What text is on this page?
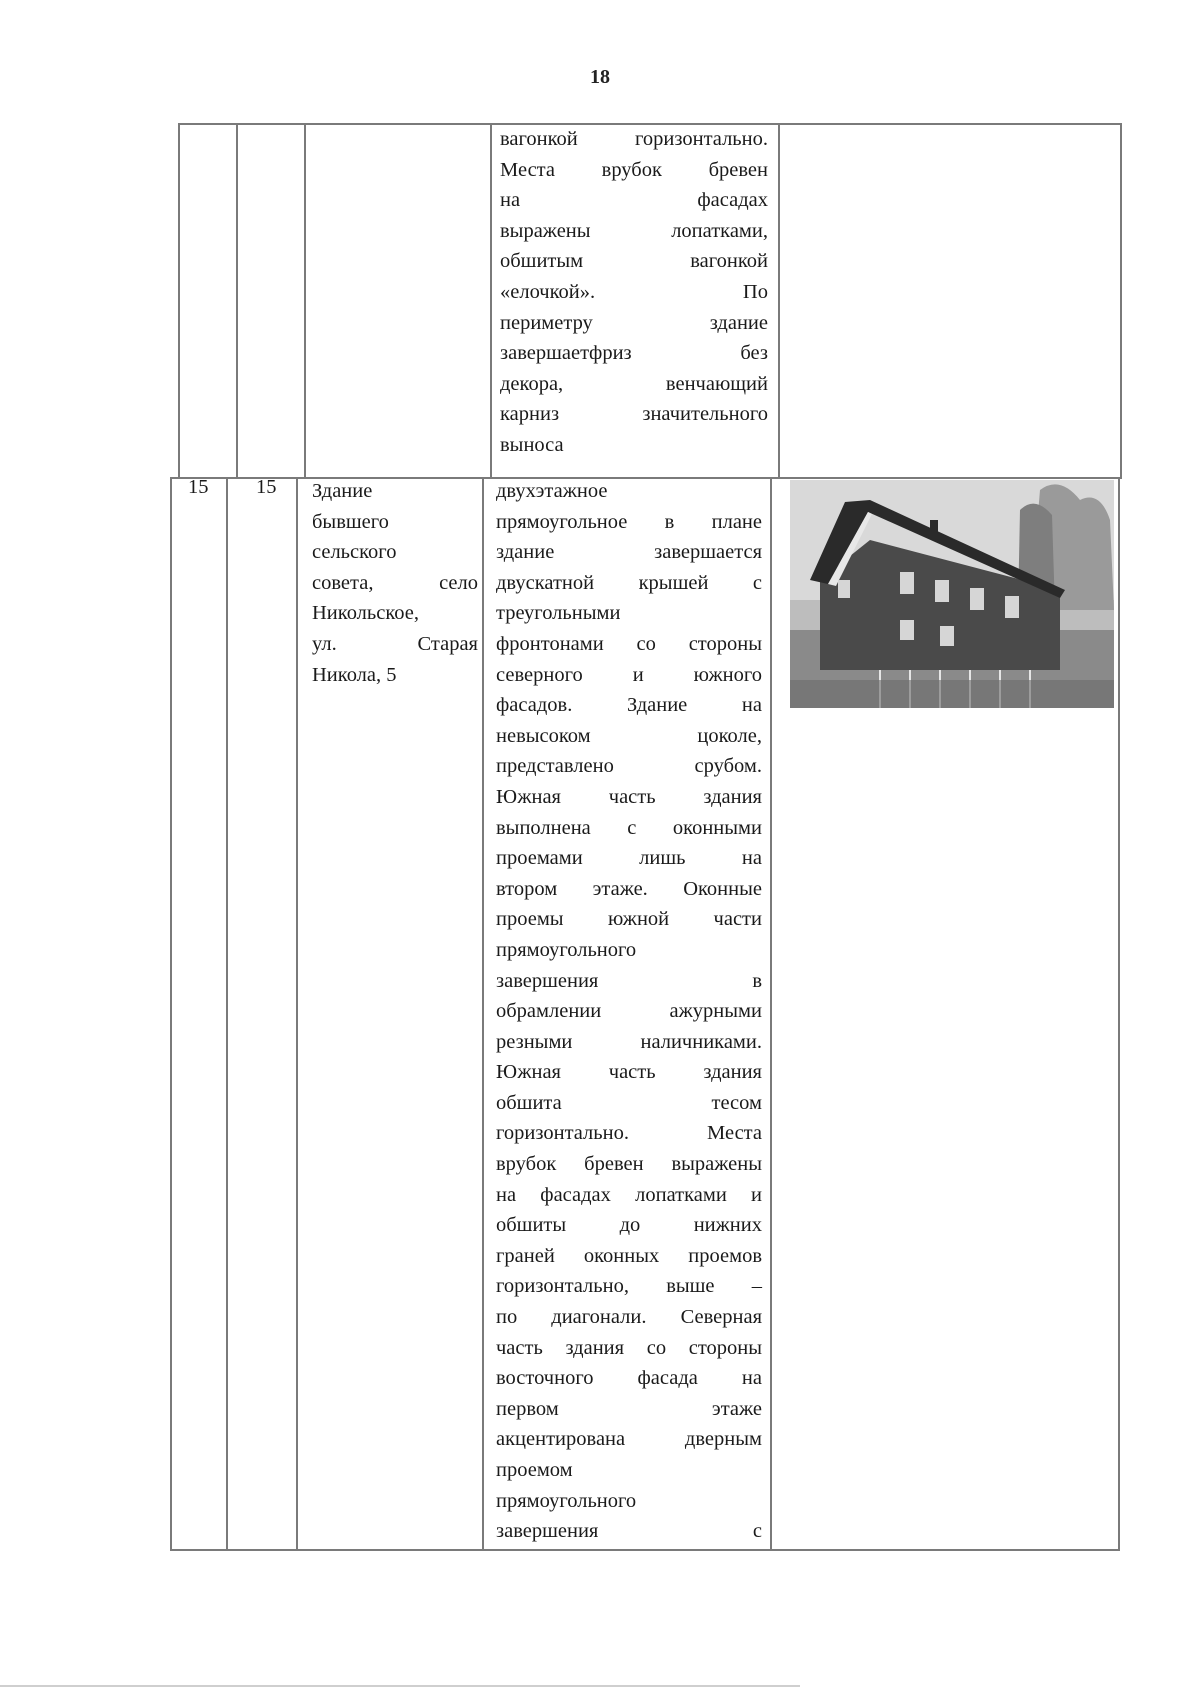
18
вагонкой горизонтально.
Места врубок бревен
на фасадах
выражены лопатками,
обшитым вагонкой
«елочкой». По
периметру здание
завершаетфриз без
декора, венчающий
карниз значительного
выноса
15 15 Здание
бывшего
сельского
совета, село
Никольское,
ул. Старая
Никола, 5
двухэтажное
прямоугольное в плане
здание завершается
двускатной крышей с
треугольными
фронтонами со стороны
северного и южного
фасадов. Здание на
невысоком цоколе,
представлено срубом.
Южная часть здания
выполнена с оконными
проемами лишь на
втором этаже. Оконные
проемы южной части
прямоугольного
завершения в
обрамлении ажурными
резными наличниками.
Южная часть здания
обшита тесом
горизонтально. Места
врубок бревен выражены
на фасадах лопатками и
обшиты до нижних
граней оконных проемов
горизонтально, выше –
по диагонали. Северная
часть здания со стороны
восточного фасада на
первом этаже
акцентирована дверным
проемом
прямоугольного
завершения с
